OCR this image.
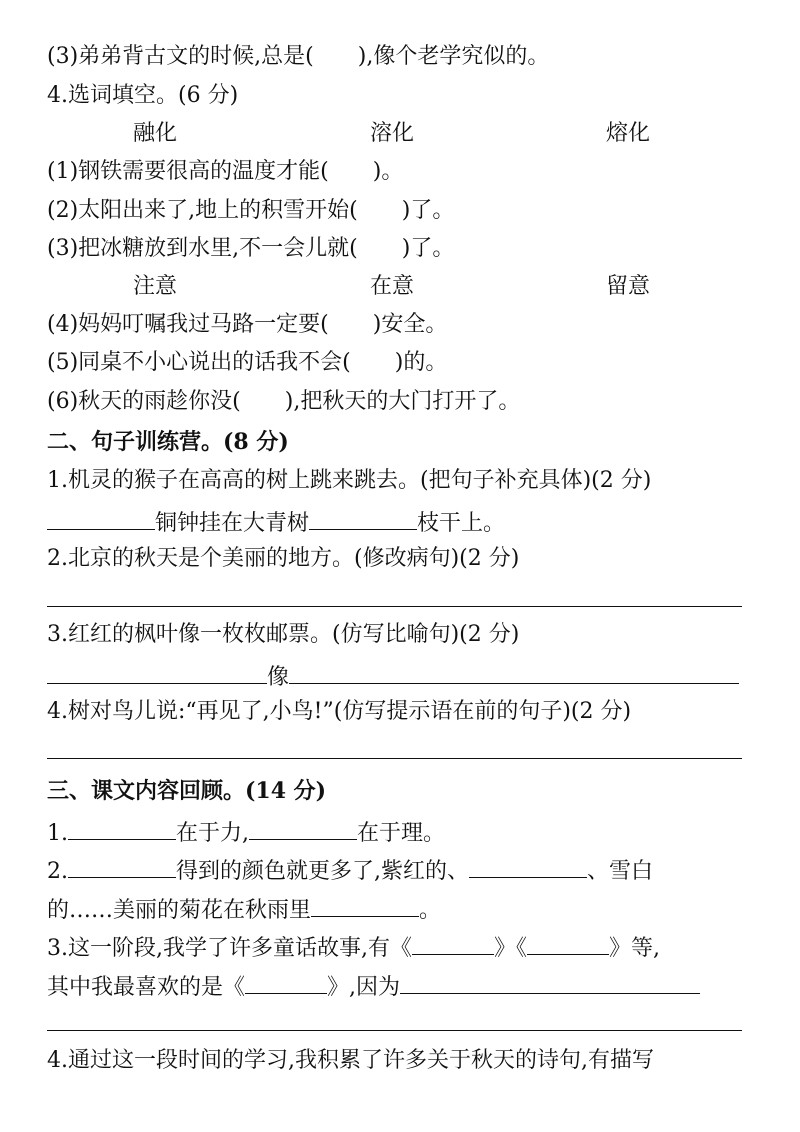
(3)弟弟背古文的时候,总是(　　),像个老学究似的。
4.选词填空。(6 分)
融化	溶化	熔化
(1)钢铁需要很高的温度才能(　　)。
(2)太阳出来了,地上的积雪开始(　　)了。
(3)把冰糖放到水里,不一会儿就(　　)了。
注意	在意	留意
(4)妈妈叮嘱我过马路一定要(　　)安全。
(5)同桌不小心说出的话我不会(　　)的。
(6)秋天的雨趁你没(　　),把秋天的大门打开了。
二、句子训练营。(8 分)
1.机灵的猴子在高高的树上跳来跳去。(把句子补充具体)(2 分)
铜钟挂在大青树	枝干上。
2.北京的秋天是个美丽的地方。(修改病句)(2 分)
3.红红的枫叶像一枚枚邮票。(仿写比喻句)(2 分)
像
4.树对鸟儿说:“再见了,小鸟!”(仿写提示语在前的句子)(2 分)
三、课文内容回顾。(14 分)
1.	在于力,	在于理。
2.	得到的颜色就更多了,紫红的、	、雪白
的……美丽的菊花在秋雨里	。
3.这一阶段,我学了许多童话故事,有《	》《	》等,
其中我最喜欢的是《	》,因为
4.通过这一段时间的学习,我积累了许多关于秋天的诗句,有描写
